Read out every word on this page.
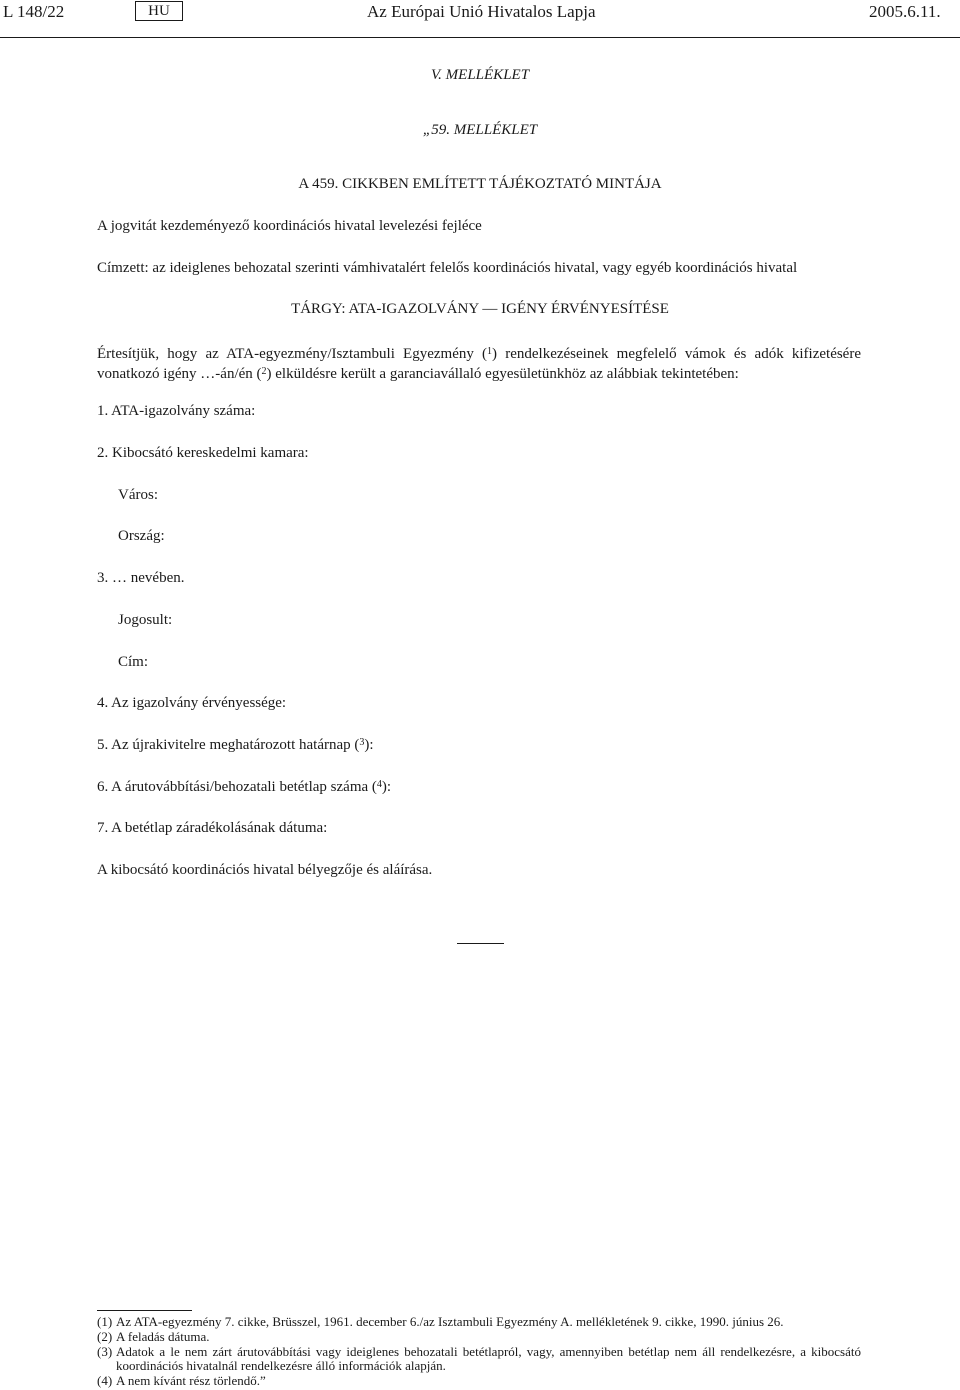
L 148/22	HU	Az Európai Unió Hivatalos Lapja	2005.6.11.
V. MELLÉKLET
„59. MELLÉKLET
A 459. CIKKBEN EMLÍTETT TÁJÉKOZTATÓ MINTÁJA
A jogvitát kezdeményező koordinációs hivatal levelezési fejléce
Címzett: az ideiglenes behozatal szerinti vámhivatalért felelős koordinációs hivatal, vagy egyéb koordinációs hivatal
TÁRGY: ATA-IGAZOLVÁNY — IGÉNY ÉRVÉNYESÍTÉSE
Értesítjük, hogy az ATA-egyezmény/Isztambuli Egyezmény ($^1$) rendelkezéseinek megfelelő vámok és adók kifizetésére vonatkozó igény …-án/én ($^2$) elküldésre került a garanciavállaló egyesületünkhöz az alábbiak tekintetében:
1. ATA-igazolvány száma:
2. Kibocsátó kereskedelmi kamara:
Város:
Ország:
3. … nevében.
Jogosult:
Cím:
4. Az igazolvány érvényessége:
5. Az újrakivitelre meghatározott határnap ($^3$):
6. A árutovábbítási/behozatali betétlap száma ($^4$):
7. A betétlap záradékolásának dátuma:
A kibocsátó koordinációs hivatal bélyegzője és aláírása.
(1) Az ATA-egyezmény 7. cikke, Brüsszel, 1961. december 6./az Isztambuli Egyezmény A. mellékletének 9. cikke, 1990. június 26.
(2) A feladás dátuma.
(3) Adatok a le nem zárt árutovábbítási vagy ideiglenes behozatali betétlapról, vagy, amennyiben betétlap nem áll rendelkezésre, a kibocsátó koordinációs hivatalnál rendelkezésre álló információk alapján.
(4) A nem kívánt rész törlendő.”
